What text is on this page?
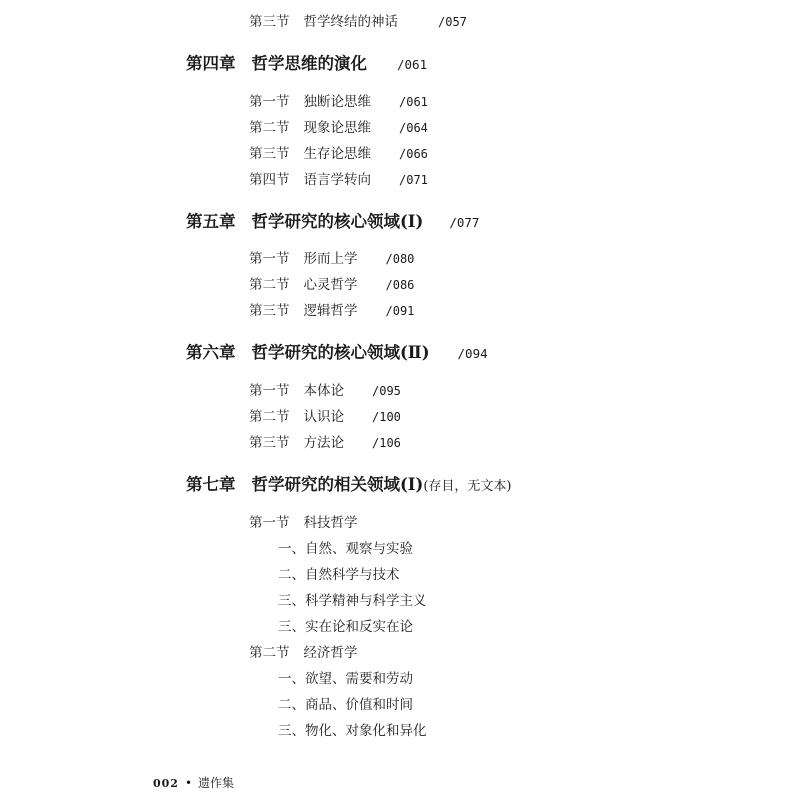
第三节 哲学终结的神话	/057
第四章 哲学思维的演化 /061
第一节 独断论思维 /061
第二节 现象论思维 /064
第三节 生存论思维 /066
第四节 语言学转向 /071
第五章 哲学研究的核心领域(Ⅰ) /077
第一节 形而上学 /080
第二节 心灵哲学 /086
第三节 逻辑哲学 /091
第六章 哲学研究的核心领域(Ⅱ) /094
第一节 本体论 /095
第二节 认识论 /100
第三节 方法论 /106
第七章 哲学研究的相关领域(Ⅰ)(存目，无文本)
第一节 科技哲学
一、自然、观察与实验
二、自然科学与技术
三、科学精神与科学主义
三、实在论和反实在论
第二节 经济哲学
一、欲望、需要和劳动
二、商品、价值和时间
三、物化、对象化和异化
002 • 遗作集
